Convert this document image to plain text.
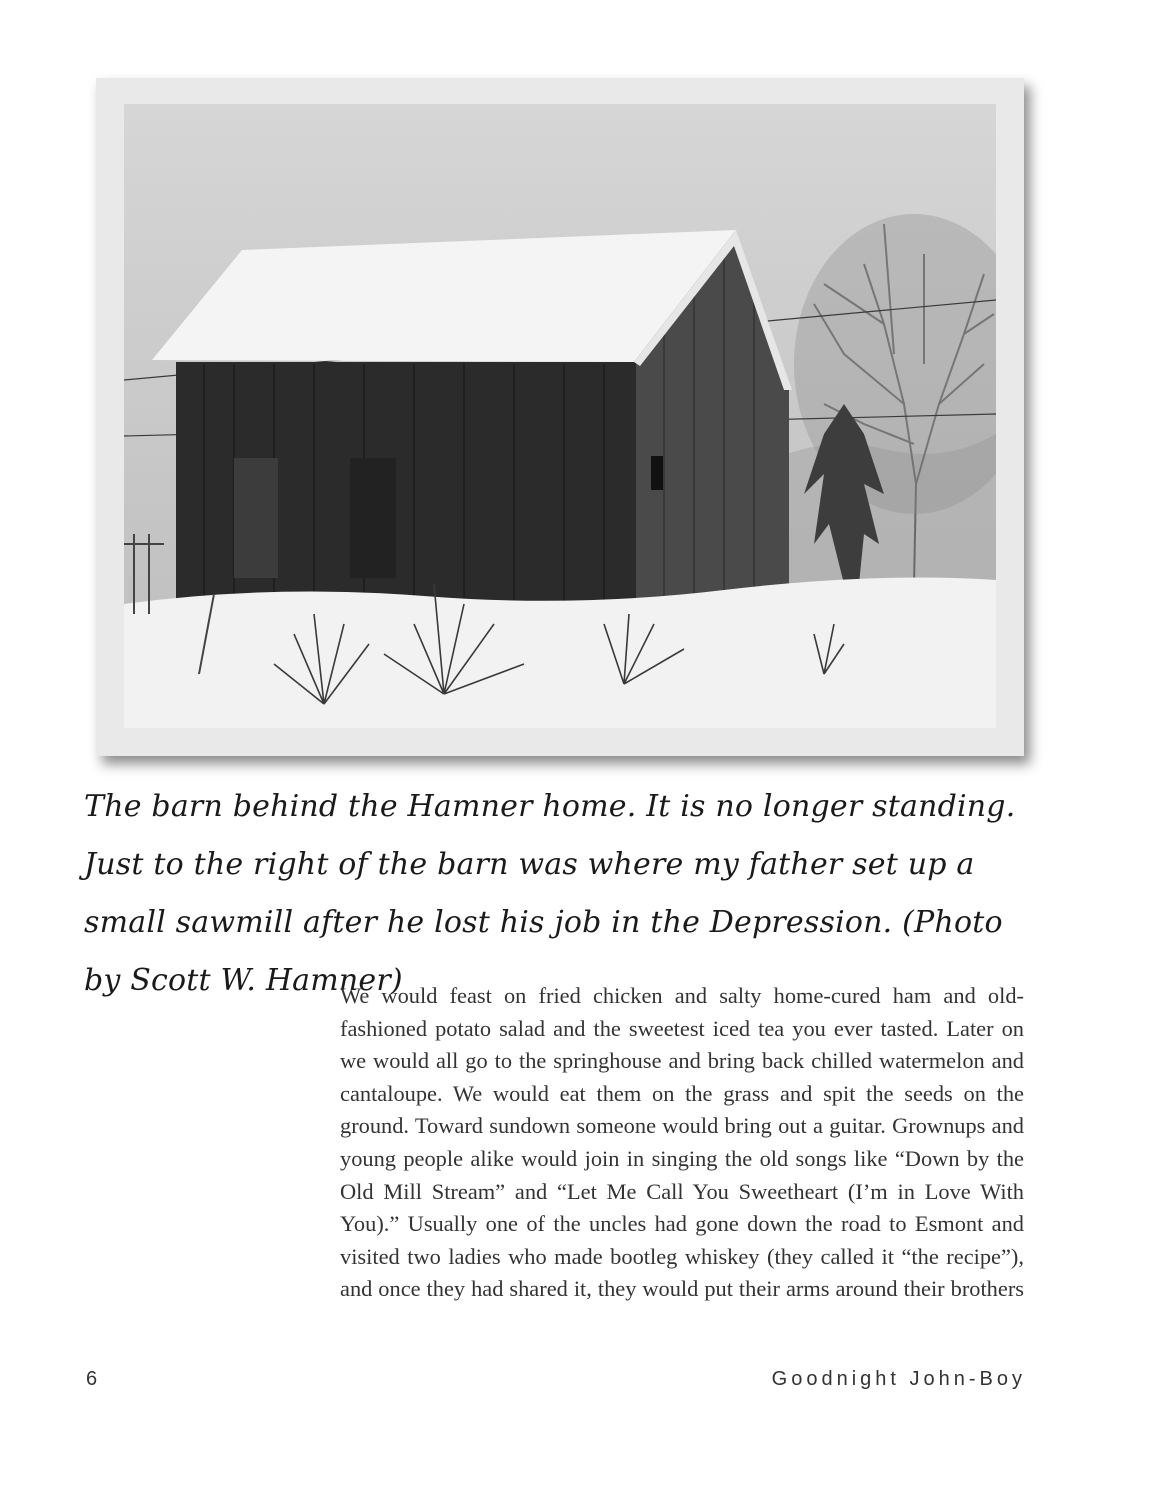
The barn behind the Hamner home. It is no longer standing. Just to the right of the barn was where my father set up a small sawmill after he lost his job in the Depression. (Photo by Scott W. Hamner)

We would feast on fried chicken and salty home-cured ham and old-fashioned potato salad and the sweetest iced tea you ever tasted. Later on we would all go to the springhouse and bring back chilled watermelon and cantaloupe. We would eat them on the grass and spit the seeds on the ground. Toward sundown someone would bring out a guitar. Grownups and young people alike would join in singing the old songs like “Down by the Old Mill Stream” and “Let Me Call You Sweetheart (I’m in Love With You).” Usually one of the uncles had gone down the road to Esmont and visited two ladies who made bootleg whiskey (they called it “the recipe”), and once they had shared it, they would put their arms around their brothers

6	Goodnight John-Boy
